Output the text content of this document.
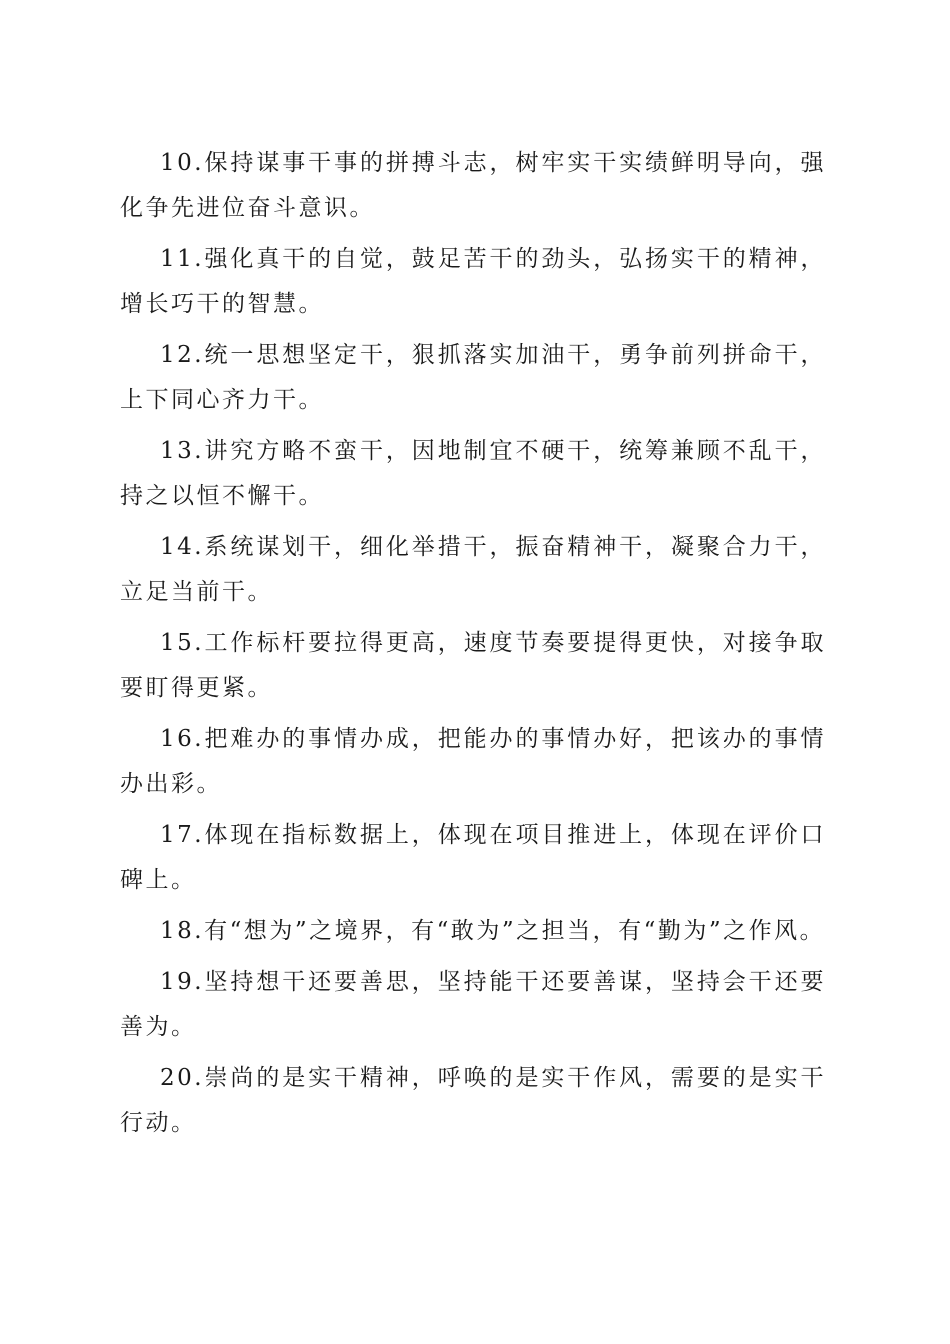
10.保持谋事干事的拼搏斗志，树牢实干实绩鲜明导向，强化争先进位奋斗意识。

11.强化真干的自觉，鼓足苦干的劲头，弘扬实干的精神，增长巧干的智慧。

12.统一思想坚定干，狠抓落实加油干，勇争前列拼命干，上下同心齐力干。

13.讲究方略不蛮干，因地制宜不硬干，统筹兼顾不乱干，持之以恒不懈干。

14.系统谋划干，细化举措干，振奋精神干，凝聚合力干，立足当前干。

15.工作标杆要拉得更高，速度节奏要提得更快，对接争取要盯得更紧。

16.把难办的事情办成，把能办的事情办好，把该办的事情办出彩。

17.体现在指标数据上，体现在项目推进上，体现在评价口碑上。

18.有“想为”之境界，有“敢为”之担当，有“勤为”之作风。

19.坚持想干还要善思，坚持能干还要善谋，坚持会干还要善为。

20.崇尚的是实干精神，呼唤的是实干作风，需要的是实干行动。
